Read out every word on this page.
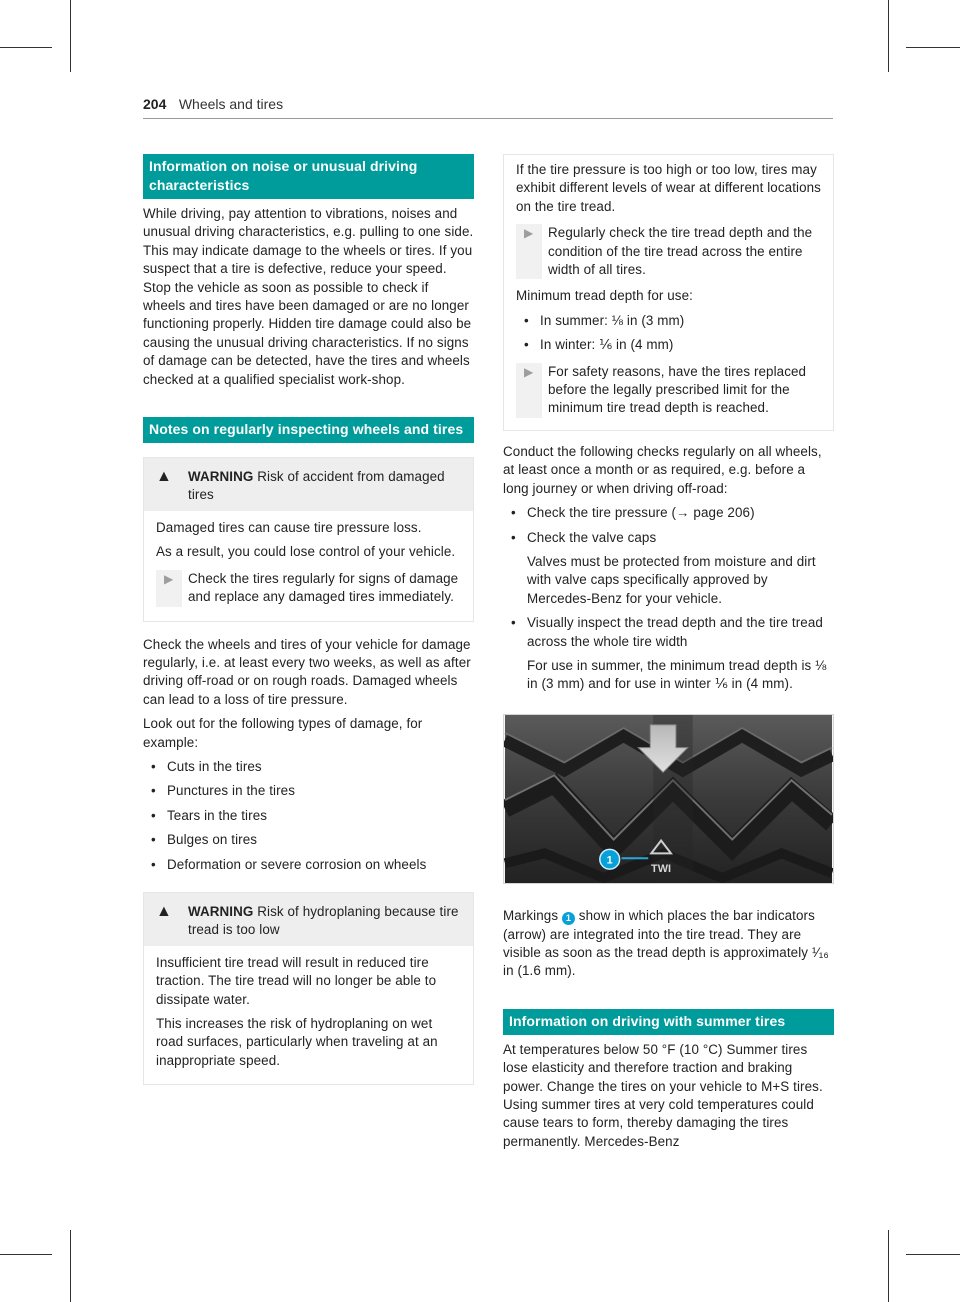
204 Wheels and tires
Information on noise or unusual driving characteristics

While driving, pay attention to vibrations, noises and unusual driving characteristics, e.g. pulling to one side. This may indicate damage to the wheels or tires. If you suspect that a tire is defective, reduce your speed. Stop the vehicle as soon as possible to check if wheels and tires have been damaged or are no longer functioning properly. Hidden tire damage could also be causing the unusual driving characteristics. If no signs of damage can be detected, have the tires and wheels checked at a qualified specialist work-shop.

Notes on regularly inspecting wheels and tires
▲	WARNING Risk of accident from damaged tires

Damaged tires can cause tire pressure loss.

As a result, you could lose control of your vehicle.

▶	Check the tires regularly for signs of damage and replace any damaged tires immediately.

Check the wheels and tires of your vehicle for damage regularly, i.e. at least every two weeks, as well as after driving off-road or on rough roads. Damaged wheels can lead to a loss of tire pressure.

Look out for the following types of damage, for example:

• Cuts in the tires
• Punctures in the tires
• Tears in the tires
• Bulges on tires
• Deformation or severe corrosion on wheels
▲	WARNING Risk of hydroplaning because tire tread is too low

Insufficient tire tread will result in reduced tire traction. The tire tread will no longer be able to dissipate water.

This increases the risk of hydroplaning on wet road surfaces, particularly when traveling at an inappropriate speed.

If the tire pressure is too high or too low, tires may exhibit different levels of wear at different locations on the tire tread.

▶	Regularly check the tire tread depth and the condition of the tire tread across the entire width of all tires.

Minimum tread depth for use:

• In summer: ⅛ in (3 mm)
• In winter: ⅙ in (4 mm)
▶	For safety reasons, have the tires replaced before the legally prescribed limit for the minimum tire tread depth is reached.

Conduct the following checks regularly on all wheels, at least once a month or as required, e.g. before a long journey or when driving off-road:

• Check the tire pressure (→ page 206)
• Check the valve caps
Valves must be protected from moisture and dirt with valve caps specifically approved by Mercedes-Benz for your vehicle.
• Visually inspect the tread depth and the tire tread across the whole tire width
For use in summer, the minimum tread depth is ⅛ in (3 mm) and for use in winter ⅙ in (4 mm).
1
TWI

Markings 1 show in which places the bar indicators (arrow) are integrated into the tire tread. They are visible as soon as the tread depth is approximately ¹⁄₁₆ in (1.6 mm).

Information on driving with summer tires

At temperatures below 50 °F (10 °C) Summer tires lose elasticity and therefore traction and braking power. Change the tires on your vehicle to M+S tires. Using summer tires at very cold temperatures could cause tears to form, thereby damaging the tires permanently. Mercedes-Benz
